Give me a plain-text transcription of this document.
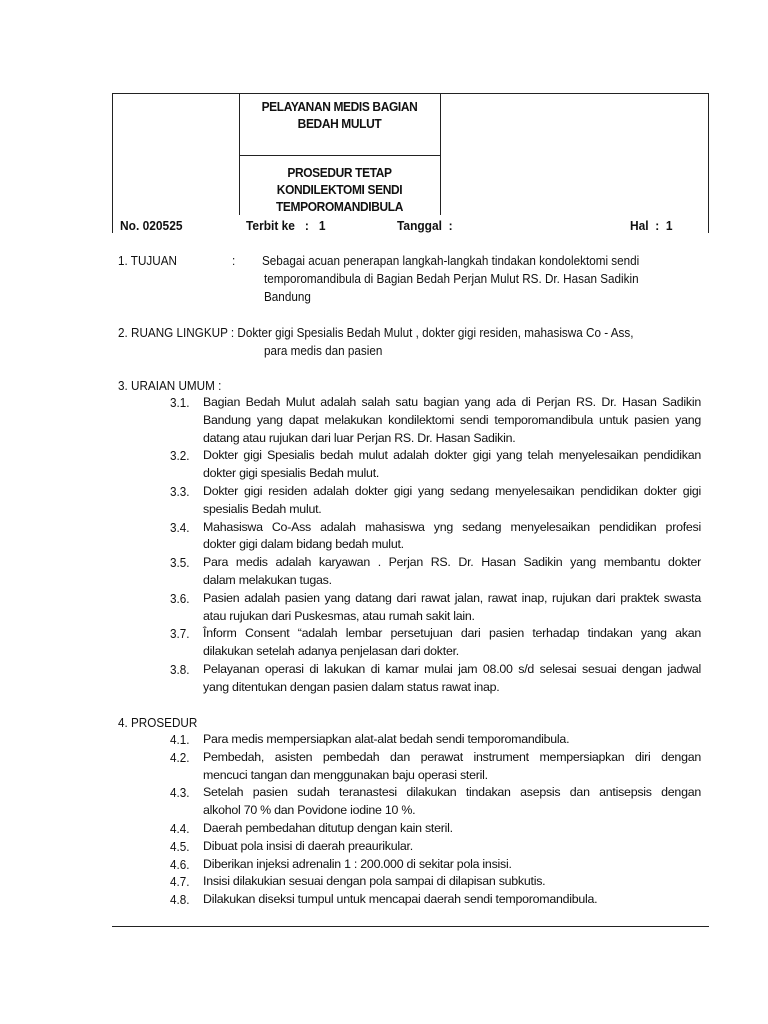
PELAYANAN MEDIS BAGIAN
BEDAH MULUT
PROSEDUR TETAP
KONDILEKTOMI SENDI
TEMPOROMANDIBULA
No. 020525	Terbit ke   :   1	Tanggal  :	Hal  :  1
1. TUJUAN	: Sebagai acuan penerapan langkah-langkah tindakan kondolektomi sendi
temporomandibula di Bagian Bedah Perjan Mulut RS. Dr. Hasan Sadikin
Bandung
2. RUANG LINGKUP : Dokter gigi Spesialis Bedah Mulut , dokter gigi residen, mahasiswa Co - Ass,
para medis dan pasien
3. URAIAN UMUM :
3.1. Bagian Bedah Mulut adalah salah satu bagian yang ada di Perjan RS. Dr. Hasan Sadikin
Bandung yang dapat melakukan kondilektomi sendi temporomandibula untuk pasien yang
datang atau rujukan dari luar Perjan RS. Dr. Hasan Sadikin.
3.2. Dokter gigi Spesialis bedah mulut adalah dokter gigi yang telah menyelesaikan pendidikan
dokter gigi spesialis Bedah mulut.
3.3. Dokter gigi residen adalah dokter gigi yang sedang menyelesaikan pendidikan dokter gigi
spesialis Bedah mulut.
3.4. Mahasiswa Co-Ass adalah mahasiswa yng sedang menyelesaikan pendidikan profesi
dokter gigi dalam bidang bedah mulut.
3.5. Para medis adalah karyawan . Perjan RS. Dr. Hasan Sadikin yang membantu dokter
dalam melakukan tugas.
3.6. Pasien adalah pasien yang datang dari rawat jalan, rawat inap, rujukan dari praktek swasta
atau rujukan dari Puskesmas, atau rumah sakit lain.
3.7. Înform Consent “adalah lembar persetujuan dari pasien terhadap tindakan yang akan
dilakukan setelah adanya penjelasan dari dokter.
3.8. Pelayanan operasi di lakukan di kamar mulai jam 08.00 s/d selesai sesuai dengan jadwal
yang ditentukan dengan pasien dalam status rawat inap.
4. PROSEDUR
4.1. Para medis mempersiapkan alat-alat bedah sendi temporomandibula.
4.2. Pembedah, asisten pembedah dan perawat instrument mempersiapkan diri dengan
mencuci tangan dan menggunakan baju operasi steril.
4.3. Setelah pasien sudah teranastesi dilakukan tindakan asepsis dan antisepsis dengan
alkohol 70 % dan Povidone iodine 10 %.
4.4. Daerah pembedahan ditutup dengan kain steril.
4.5. Dibuat pola insisi di daerah preaurikular.
4.6. Diberikan injeksi adrenalin 1 : 200.000 di sekitar pola insisi.
4.7. Insisi dilakukian sesuai dengan pola sampai di dilapisan subkutis.
4.8. Dilakukan diseksi tumpul untuk mencapai daerah sendi temporomandibula.
